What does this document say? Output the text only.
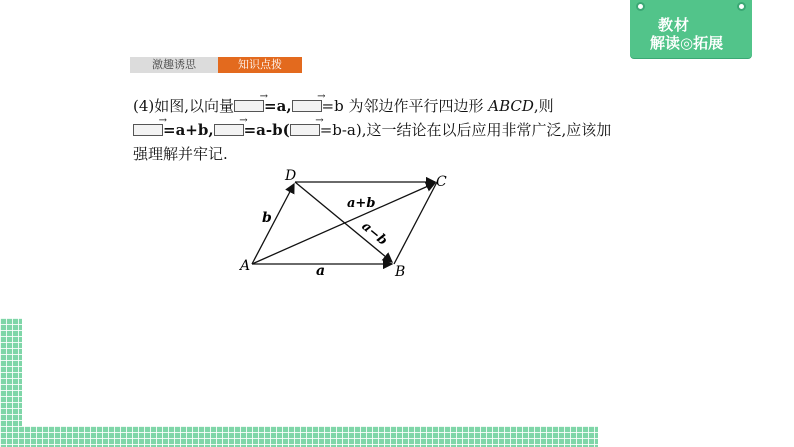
教材
解读◎拓展
激趣诱思	知识点拨
(4)如图,以向量 → =a, → =b 为邻边作平行四边形 ABCD,则
→=a+b, → =a-b( → =b-a),这一结论在以后应用非常广泛,应该加
强理解并牢记.
A	B
C
D
a
b
a+b
a−b
